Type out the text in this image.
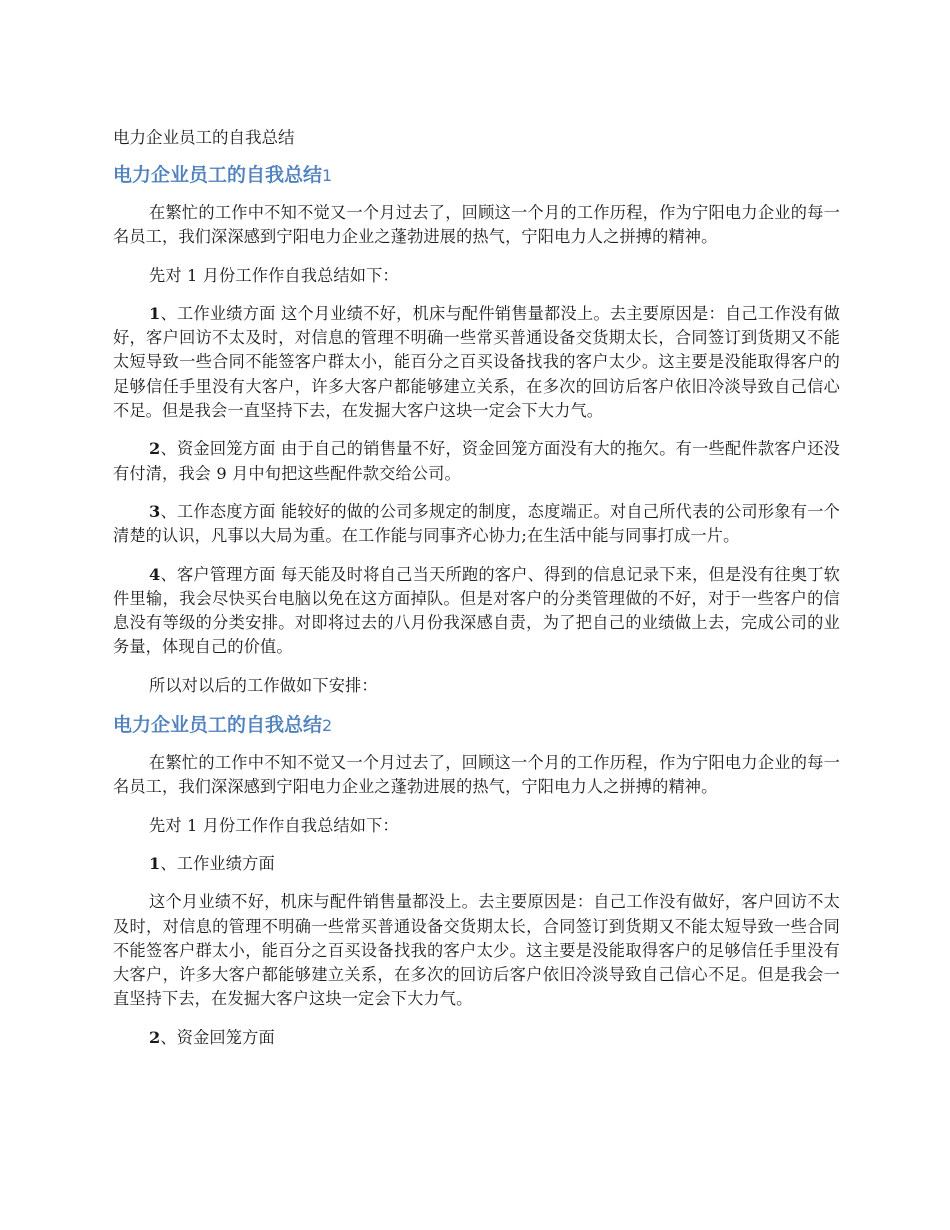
电力企业员工的自我总结
电力企业员工的自我总结1

在繁忙的工作中不知不觉又一个月过去了，回顾这一个月的工作历程，作为宁阳电力企业的每一名员工，我们深深感到宁阳电力企业之蓬勃进展的热气，宁阳电力人之拼搏的精神。

先对 1 月份工作作自我总结如下：

1、工作业绩方面 这个月业绩不好，机床与配件销售量都没上。去主要原因是：自己工作没有做好，客户回访不太及时，对信息的管理不明确一些常买普通设备交货期太长，合同签订到货期又不能太短导致一些合同不能签客户群太小，能百分之百买设备找我的客户太少。这主要是没能取得客户的足够信任手里没有大客户，许多大客户都能够建立关系，在多次的回访后客户依旧冷淡导致自己信心不足。但是我会一直坚持下去，在发掘大客户这块一定会下大力气。

2、资金回笼方面 由于自己的销售量不好，资金回笼方面没有大的拖欠。有一些配件款客户还没有付清，我会 9 月中旬把这些配件款交给公司。

3、工作态度方面 能较好的做的公司多规定的制度，态度端正。对自己所代表的公司形象有一个清楚的认识，凡事以大局为重。在工作能与同事齐心协力;在生活中能与同事打成一片。

4、客户管理方面 每天能及时将自己当天所跑的客户、得到的信息记录下来，但是没有往奥丁软件里输，我会尽快买台电脑以免在这方面掉队。但是对客户的分类管理做的不好，对于一些客户的信息没有等级的分类安排。对即将过去的八月份我深感自责，为了把自己的业绩做上去，完成公司的业务量，体现自己的价值。

所以对以后的工作做如下安排：

电力企业员工的自我总结2

在繁忙的工作中不知不觉又一个月过去了，回顾这一个月的工作历程，作为宁阳电力企业的每一名员工，我们深深感到宁阳电力企业之蓬勃进展的热气，宁阳电力人之拼搏的精神。

先对 1 月份工作作自我总结如下：

1、工作业绩方面

这个月业绩不好，机床与配件销售量都没上。去主要原因是：自己工作没有做好，客户回访不太及时，对信息的管理不明确一些常买普通设备交货期太长，合同签订到货期又不能太短导致一些合同不能签客户群太小，能百分之百买设备找我的客户太少。这主要是没能取得客户的足够信任手里没有大客户，许多大客户都能够建立关系，在多次的回访后客户依旧冷淡导致自己信心不足。但是我会一直坚持下去，在发掘大客户这块一定会下大力气。

2、资金回笼方面
